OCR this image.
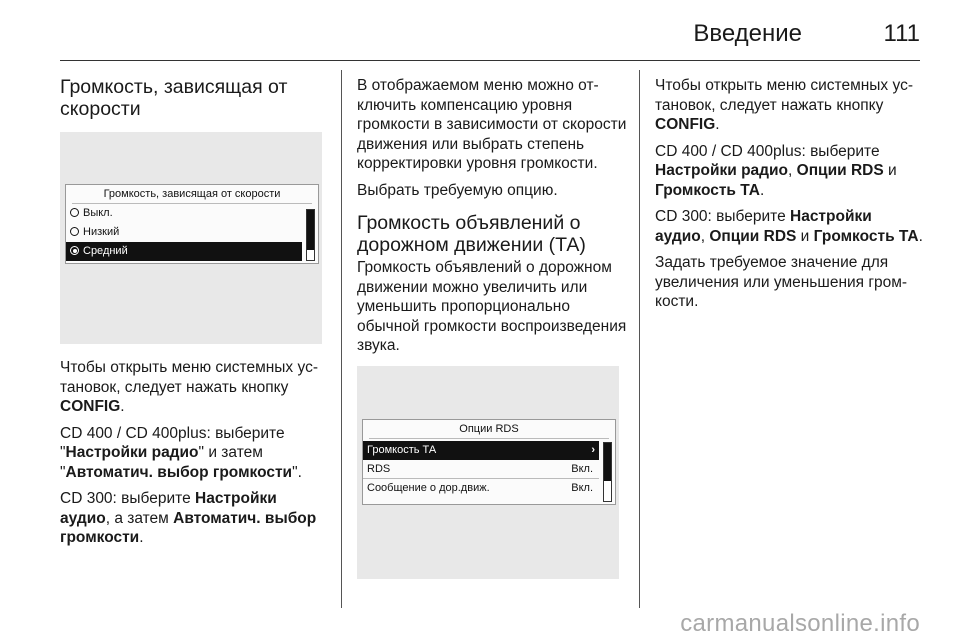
Введение	111
Громкость, зависящая от скорости
Громкость, зависящая от скорости
Выкл.
Низкий
Средний

Чтобы открыть меню системных установок, следует нажать кнопку CONFIG.

CD 400 / CD 400plus: выберите "Настройки радио" и затем "Автоматич. выбор громкости".

CD 300: выберите Настройки аудио, а затем Автоматич. выбор громкости.

В отображаемом меню можно отключить компенсацию уровня громкости в зависимости от скорости движения или выбрать степень корректировки уровня громкости.

Выбрать требуемую опцию.

Громкость объявлений о дорожном движении (ТА)

Громкость объявлений о дорожном движении можно увеличить или уменьшить пропорционально обычной громкости воспроизведения звука.

Опции RDS
Громкость ТА	›
RDS	Вкл.
Сообщение о дор.движ.	Вкл.

Чтобы открыть меню системных установок, следует нажать кнопку CONFIG.

CD 400 / CD 400plus: выберите Настройки радио, Опции RDS и Громкость ТА.

CD 300: выберите Настройки аудио, Опции RDS и Громкость ТА.

Задать требуемое значение для увеличения или уменьшения громкости.

carmanualsonline.info
